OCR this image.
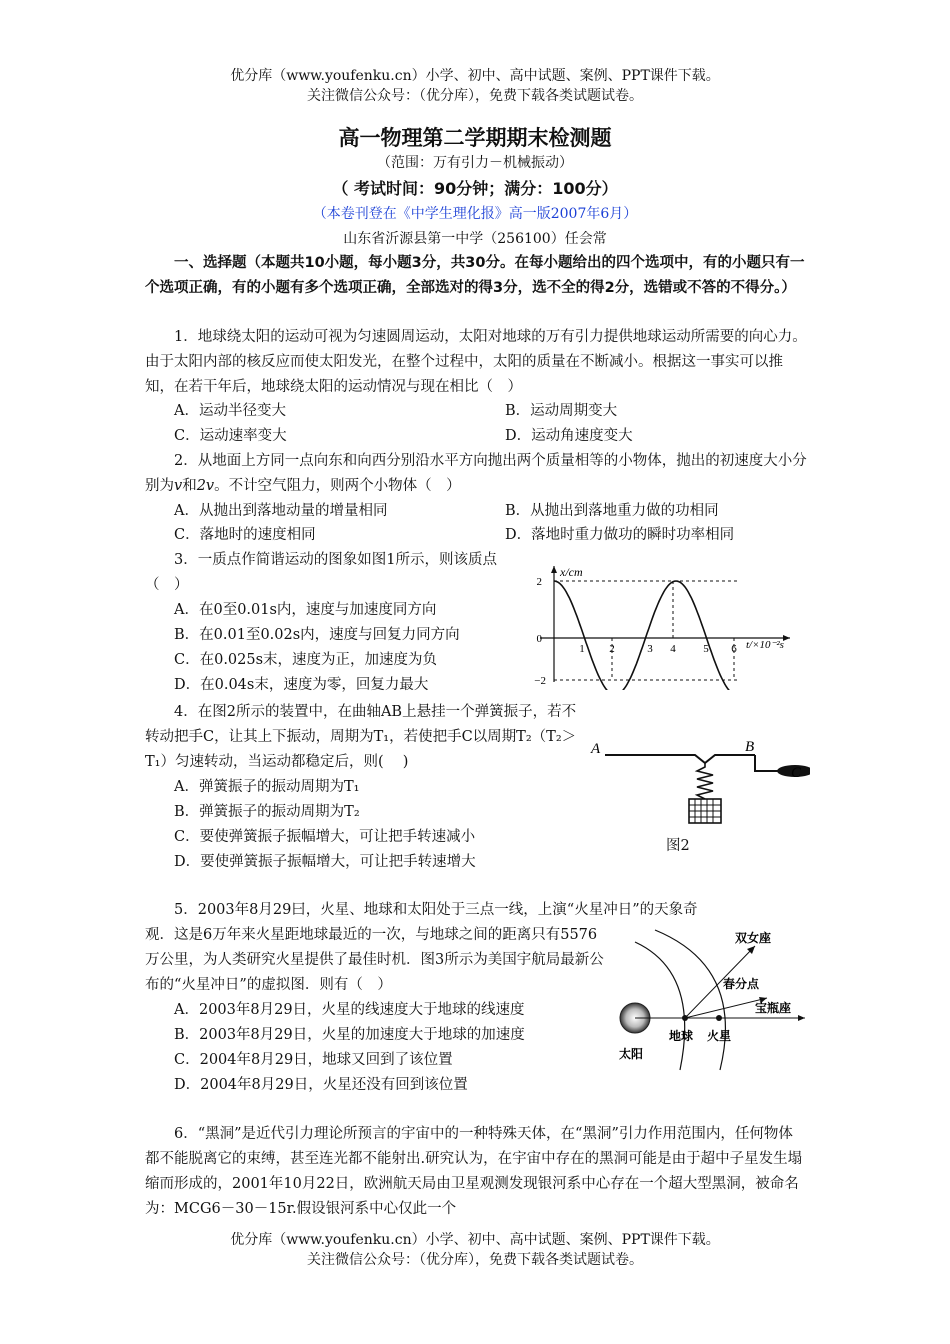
优分库（www.youfenku.cn）小学、初中、高中试题、案例、PPT课件下载。
关注微信公众号：（优分库），免费下载各类试题试卷。
高一物理第二学期期末检测题
（范围：万有引力－机械振动）
（ 考试时间：90分钟；满分：100分）
（本卷刊登在《中学生理化报》高一版2007年6月）
山东省沂源县第一中学（256100）任会常
一、选择题（本题共10小题，每小题3分，共30分。在每小题给出的四个选项中，有的小题只有一个选项正确，有的小题有多个选项正确，全部选对的得3分，选不全的得2分，选错或不答的不得分。）

1．地球绕太阳的运动可视为匀速圆周运动，太阳对地球的万有引力提供地球运动所需要的向心力。由于太阳内部的核反应而使太阳发光，在整个过程中，太阳的质量在不断减小。根据这一事实可以推知，在若干年后，地球绕太阳的运动情况与现在相比（　）

A．运动半径变大	B．运动周期变大
C．运动速率变大	D．运动角速度变大

2．从地面上方同一点向东和向西分别沿水平方向抛出两个质量相等的小物体，抛出的初速度大小分别为v和2v。不计空气阻力，则两个小物体（　）

A．从抛出到落地动量的增量相同	B．从抛出到落地重力做的功相同
C．落地时的速度相同	D．落地时重力做功的瞬时功率相同

3．一质点作简谐运动的图象如图1所示，则该质点（　）

A．在0至0.01s内，速度与加速度同方向
B．在0.01至0.02s内，速度与回复力同方向
C．在0.025s末，速度为正，加速度为负
D．在0.04s末，速度为零，回复力最大
x/cm
2
0
−2
1 2	3 4	5 6 t/×10⁻²s

4．在图2所示的装置中，在曲轴AB上悬挂一个弹簧振子，若不转动把手C，让其上下振动，周期为T₁，若使把手C以周期T₂（T₂＞T₁）匀速转动，当运动都稳定后，则(　 )

A．弹簧振子的振动周期为T₁
B．弹簧振子的振动周期为T₂
C．要使弹簧振子振幅增大，可让把手转速减小
D．要使弹簧振子振幅增大，可让把手转速增大
A	B
C
图2

5．2003年8月29曰，火星、地球和太阳处于三点一线，上演“火星冲日”的天象奇

观．这是6万年来火星距地球最近的一次，与地球之间的距离只有5576万公里，为人类研究火星提供了最佳时机．图3所示为美国宇航局最新公布的“火星冲日”的虚拟图．则有（　）

A．2003年8月29日，火星的线速度大于地球的线速度
B．2003年8月29日，火星的加速度大于地球的加速度
C．2004年8月29日，地球又回到了该位置
D．2004年8月29日，火星还没有回到该位置
双女座
春分点
宝瓶座
地球 火星
太阳

6．“黑洞”是近代引力理论所预言的宇宙中的一种特殊天体，在“黑洞”引力作用范围内，任何物体都不能脱离它的束缚，甚至连光都不能射出.研究认为，在宇宙中存在的黑洞可能是由于超中子星发生塌缩而形成的，2001年10月22日，欧洲航天局由卫星观测发现银河系中心存在一个超大型黑洞，被命名为：MCG6－30－15r.假设银河系中心仅此一个

优分库（www.youfenku.cn）小学、初中、高中试题、案例、PPT课件下载。
关注微信公众号：（优分库），免费下载各类试题试卷。
